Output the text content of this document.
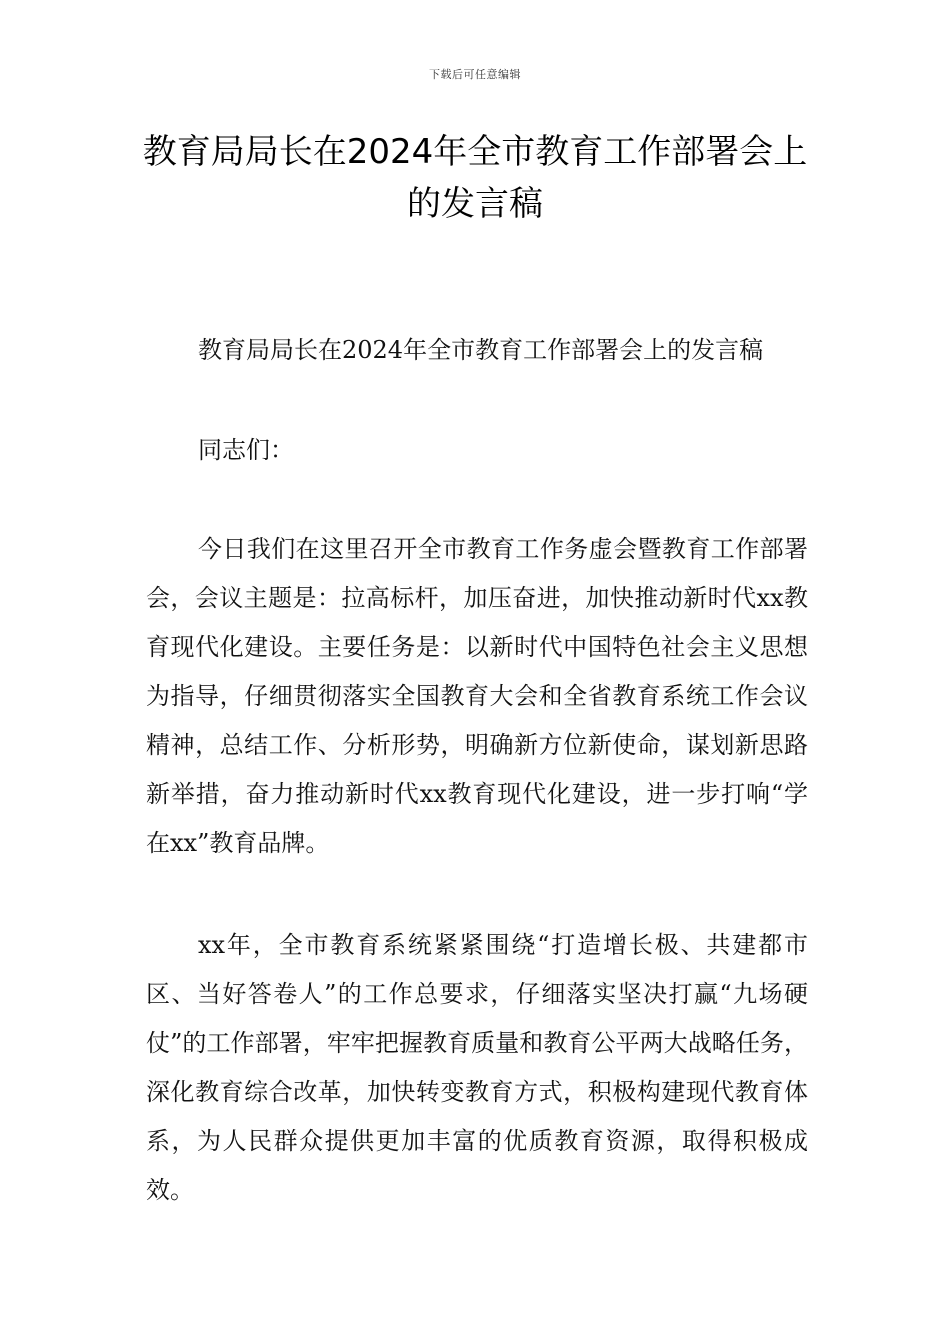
下载后可任意编辑
教育局局长在2024年全市教育工作部署会上的发言稿
教育局局长在2024年全市教育工作部署会上的发言稿
同志们：

今日我们在这里召开全市教育工作务虚会暨教育工作部署会，会议主题是：拉高标杆，加压奋进，加快推动新时代xx教育现代化建设。主要任务是：以新时代中国特色社会主义思想为指导，仔细贯彻落实全国教育大会和全省教育系统工作会议精神，总结工作、分析形势，明确新方位新使命，谋划新思路新举措，奋力推动新时代xx教育现代化建设，进一步打响“学在xx”教育品牌。

xx年，全市教育系统紧紧围绕“打造增长极、共建都市区、当好答卷人”的工作总要求，仔细落实坚决打赢“九场硬仗”的工作部署，牢牢把握教育质量和教育公平两大战略任务，深化教育综合改革，加快转变教育方式，积极构建现代教育体系，为人民群众提供更加丰富的优质教育资源，取得积极成效。
